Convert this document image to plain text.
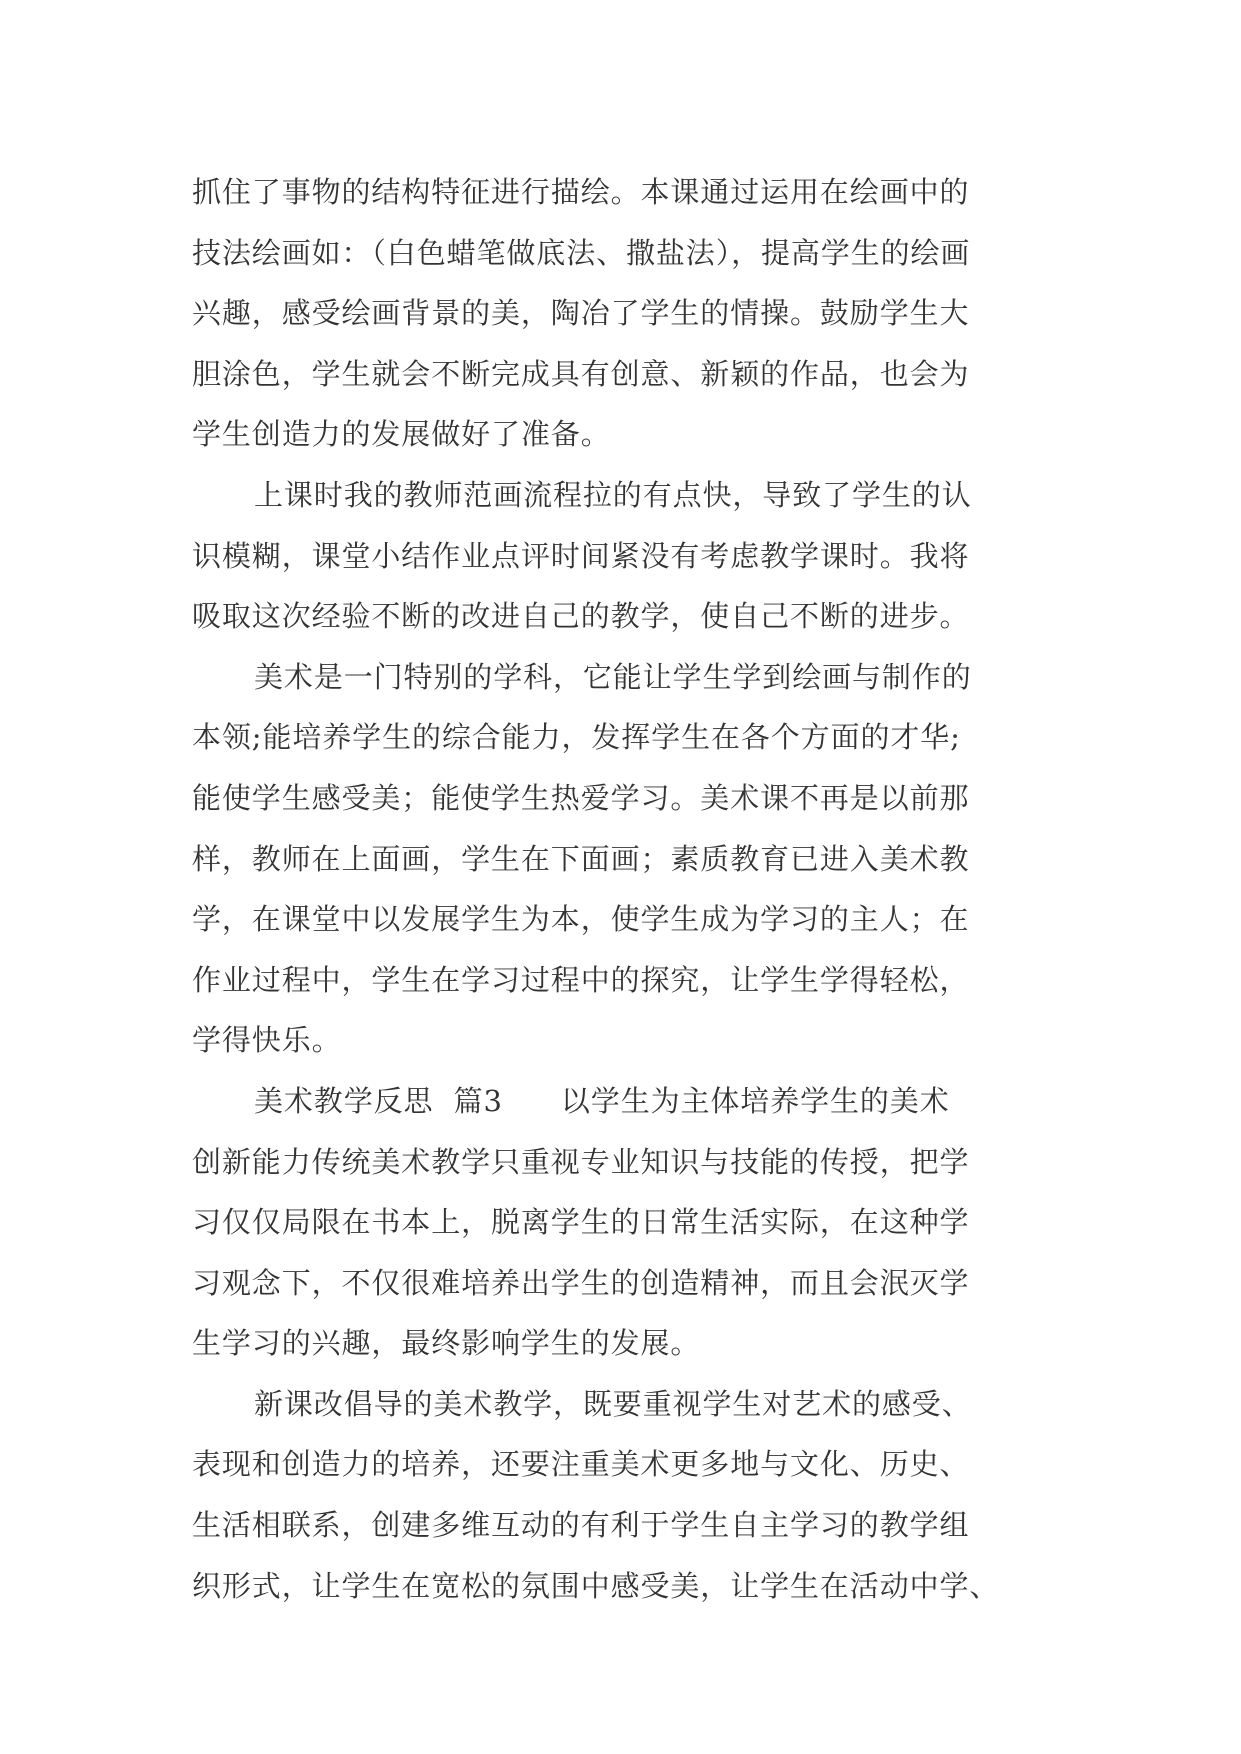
抓住了事物的结构特征进行描绘。本课通过运用在绘画中的
技法绘画如：（白色蜡笔做底法、撒盐法），提高学生的绘画
兴趣，感受绘画背景的美，陶冶了学生的情操。鼓励学生大
胆涂色，学生就会不断完成具有创意、新颖的作品，也会为
学生创造力的发展做好了准备。
上课时我的教师范画流程拉的有点快，导致了学生的认
识模糊，课堂小结作业点评时间紧没有考虑教学课时。我将
吸取这次经验不断的改进自己的教学，使自己不断的进步。
美术是一门特别的学科，它能让学生学到绘画与制作的
本领;能培养学生的综合能力，发挥学生在各个方面的才华;
能使学生感受美；能使学生热爱学习。美术课不再是以前那
样，教师在上面画，学生在下面画；素质教育已进入美术教
学，在课堂中以发展学生为本，使学生成为学习的主人；在
作业过程中，学生在学习过程中的探究，让学生学得轻松，
学得快乐。
美术教学反思  篇3 以学生为主体培养学生的美术
创新能力传统美术教学只重视专业知识与技能的传授，把学
习仅仅局限在书本上，脱离学生的日常生活实际，在这种学
习观念下，不仅很难培养出学生的创造精神，而且会泯灭学
生学习的兴趣，最终影响学生的发展。
新课改倡导的美术教学，既要重视学生对艺术的感受、
表现和创造力的培养，还要注重美术更多地与文化、历史、
生活相联系，创建多维互动的有利于学生自主学习的教学组
织形式，让学生在宽松的氛围中感受美，让学生在活动中学、
